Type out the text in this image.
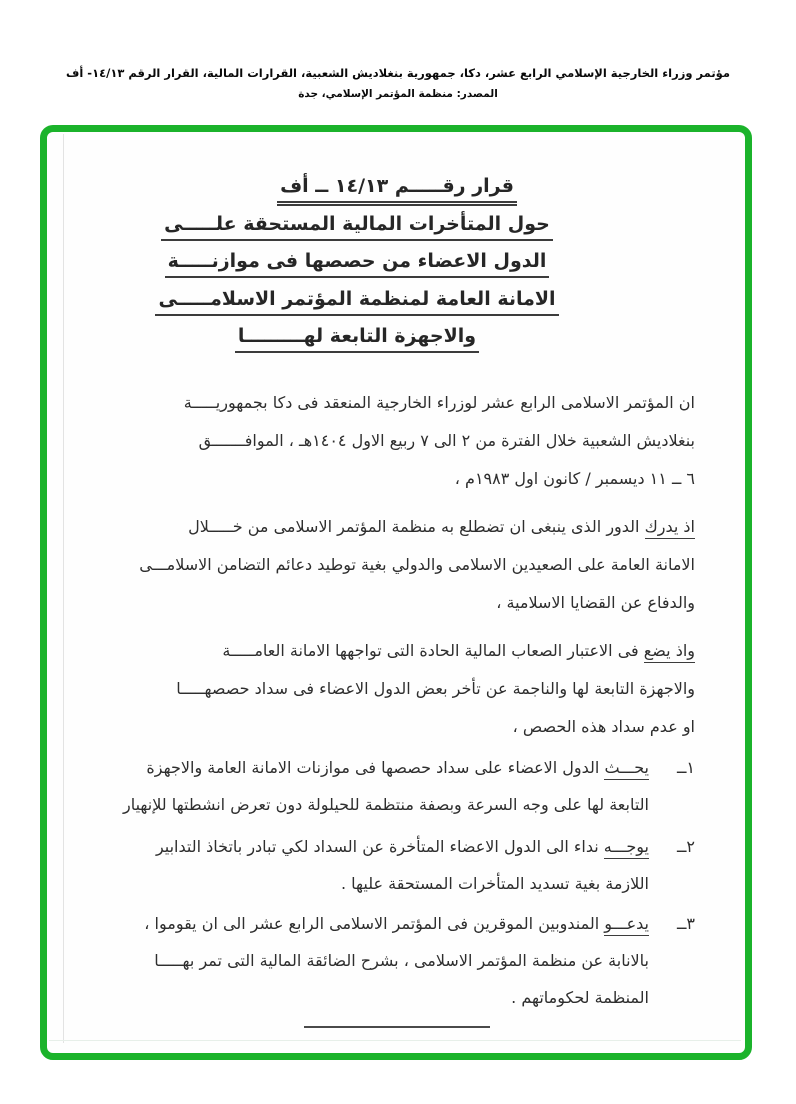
مؤتمر وزراء الخارجية الإسلامي الرابع عشر، دكا، جمهورية بنغلاديش الشعبية، القرارات المالية، القرار الرقم ١٤/١٣- أف
المصدر: منظمة المؤتمر الإسلامي، جدة
قرار رقـــــم ١٤/١٣ ــ أف
حول المتأخرات المالية المستحقة علـــــى
الدول الاعضاء من حصصها فى موازنـــــة
الامانة العامة لمنظمة المؤتمر الاسلامـــــى
والاجهزة التابعة لهـــــــــا
ان المؤتمر الاسلامى الرابع عشر لوزراء الخارجية المنعقد فى دكا بجمهوريـــــة
بنغلاديش الشعبية خلال الفترة من ٢ الى ٧ ربيع الاول ١٤٠٤هـ ، الموافـــــــق
٦ ــ ١١ ديسمبر / كانون اول ١٩٨٣م ،
اذ يدرك الدور الذى ينبغى ان تضطلع به منظمة المؤتمر الاسلامى من خـــــلال
الامانة العامة على الصعيدين الاسلامى والدولي بغية توطيد دعائم التضامن الاسلامـــى
والدفاع عن القضايا الاسلامية ،
واذ يضع فى الاعتبار الصعاب المالية الحادة التى تواجهها الامانة العامـــــة
والاجهزة التابعة لها والناجمة عن تأخر بعض الدول الاعضاء فى سداد حصصهـــــا
او عدم سداد هذه الحصص ،
١ــ
يحـــث الدول الاعضاء على سداد حصصها فى موازنات الامانة العامة والاجهزة
التابعة لها على وجه السرعة وبصفة منتظمة للحيلولة دون تعرض انشطتها للإنهيار
٢ــ
يوجـــه نداء الى الدول الاعضاء المتأخرة عن السداد لكي تبادر باتخاذ التدابير
اللازمة بغية تسديد المتأخرات المستحقة عليها .
٣ــ
يدعـــو المندوبين الموقرين فى المؤتمر الاسلامى الرابع عشر الى ان يقوموا ،
بالانابة عن منظمة المؤتمر الاسلامى ، بشرح الضائقة المالية التى تمر بهـــــا
المنظمة لحكوماتهم .
